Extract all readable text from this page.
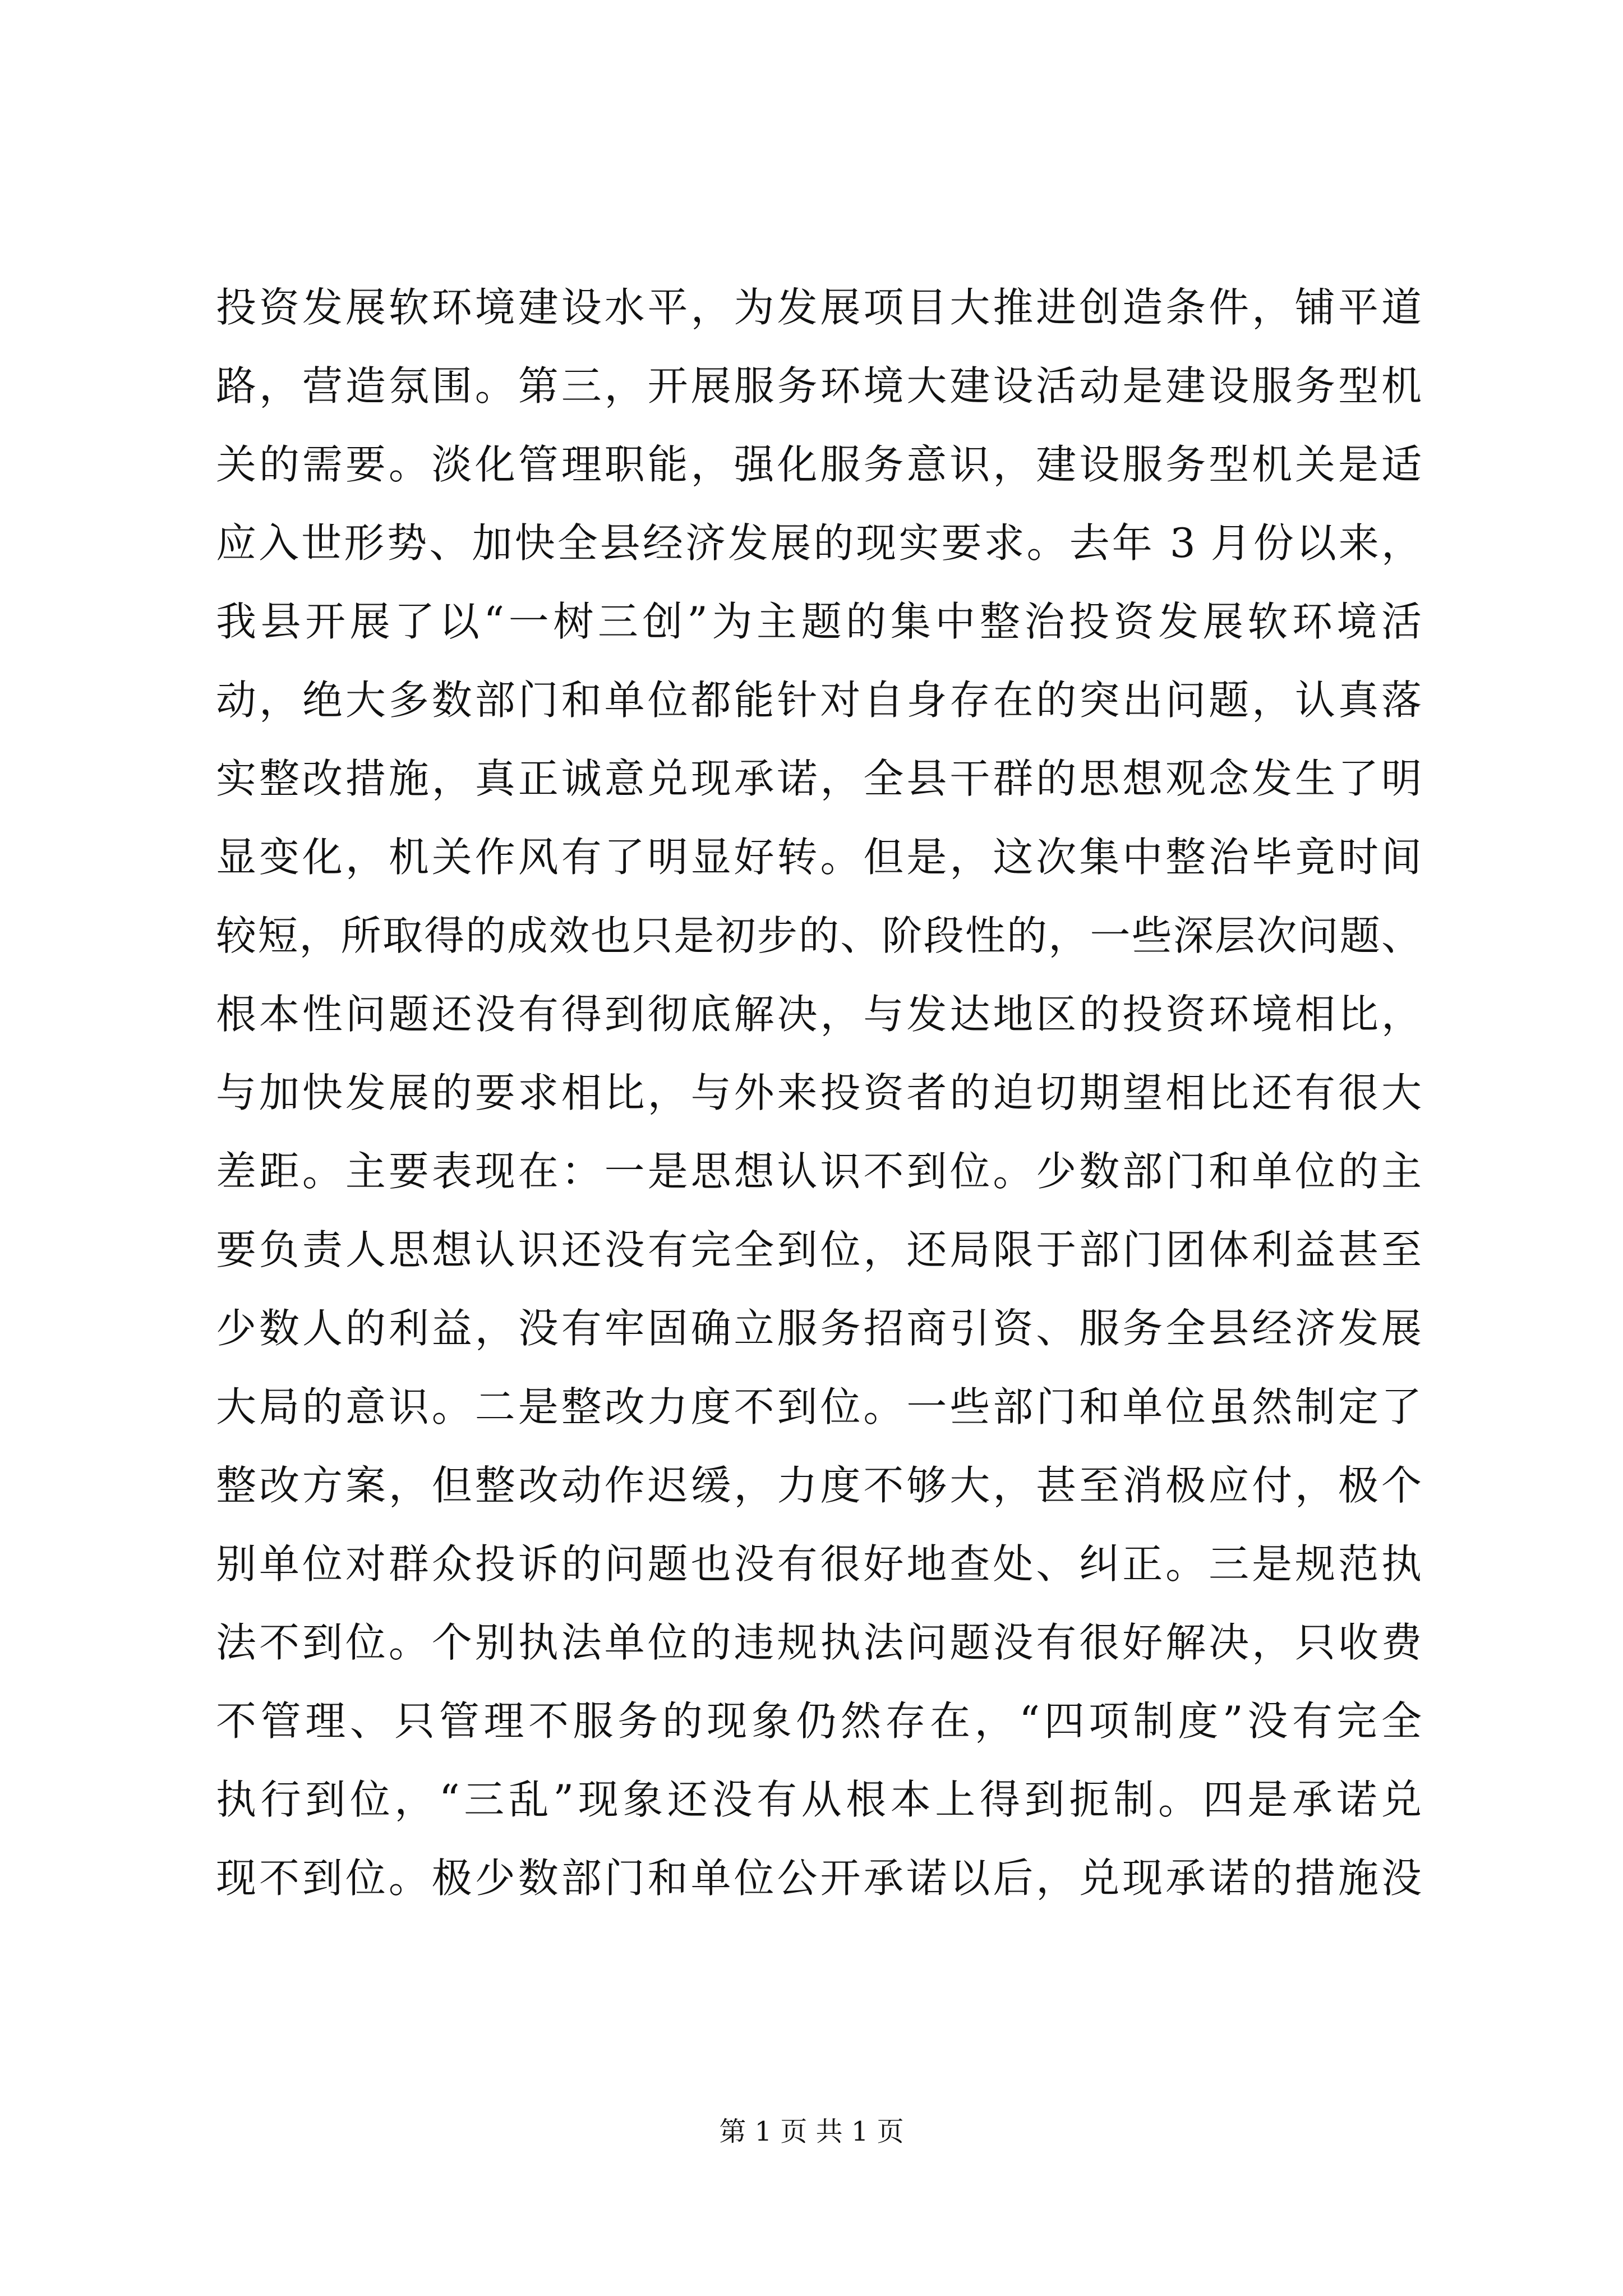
投资发展软环境建设水平，为发展项目大推进创造条件，铺平道
路，营造氛围。第三，开展服务环境大建设活动是建设服务型机
关的需要。淡化管理职能，强化服务意识，建设服务型机关是适
应入世形势、加快全县经济发展的现实要求。去年 3 月份以来，
我县开展了以“一树三创”为主题的集中整治投资发展软环境活
动，绝大多数部门和单位都能针对自身存在的突出问题，认真落
实整改措施，真正诚意兑现承诺，全县干群的思想观念发生了明
显变化，机关作风有了明显好转。但是，这次集中整治毕竟时间
较短，所取得的成效也只是初步的、阶段性的，一些深层次问题、
根本性问题还没有得到彻底解决，与发达地区的投资环境相比，
与加快发展的要求相比，与外来投资者的迫切期望相比还有很大
差距。主要表现在：一是思想认识不到位。少数部门和单位的主
要负责人思想认识还没有完全到位，还局限于部门团体利益甚至
少数人的利益，没有牢固确立服务招商引资、服务全县经济发展
大局的意识。二是整改力度不到位。一些部门和单位虽然制定了
整改方案，但整改动作迟缓，力度不够大，甚至消极应付，极个
别单位对群众投诉的问题也没有很好地查处、纠正。三是规范执
法不到位。个别执法单位的违规执法问题没有很好解决，只收费
不管理、只管理不服务的现象仍然存在，“四项制度”没有完全
执行到位，“三乱”现象还没有从根本上得到扼制。四是承诺兑
现不到位。极少数部门和单位公开承诺以后，兑现承诺的措施没
第 1 页 共 1 页
